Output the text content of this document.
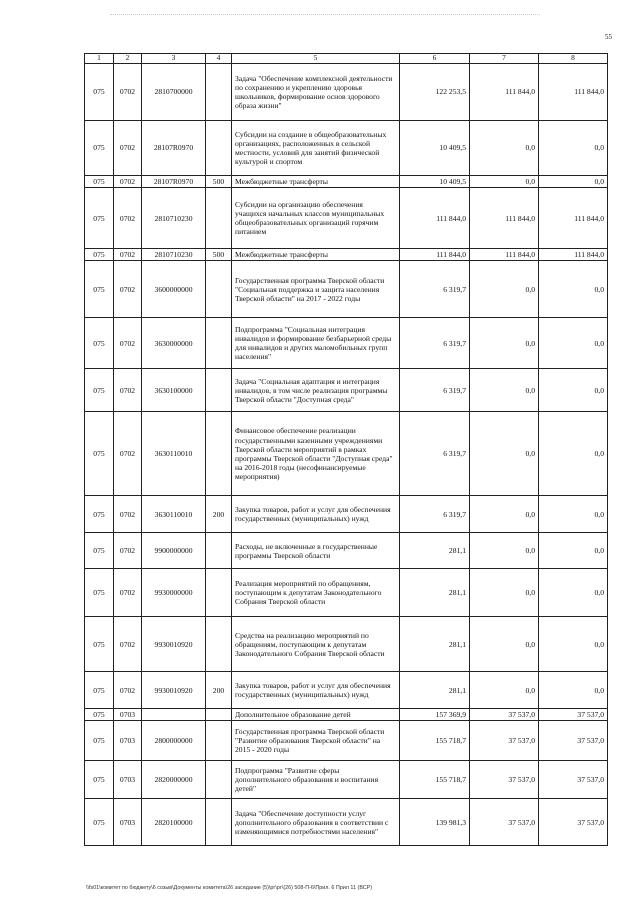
55
1	2	3	4	5	6	7	8
075	0702	2810700000		Задача "Обеспечение комплексной деятельности по сохранению и укреплению здоровья школьников, формирование основ здорового образа жизни"	122 253,5	111 844,0	111 844,0
075	0702	28107R0970		Субсидии на создание в общеобразовательных организациях, расположенных в сельской местности, условий для занятий физической культурой и спортом	10 409,5	0,0	0,0
075	0702	28107R0970	500	Межбюджетные трансферты	10 409,5	0,0	0,0
075	0702	2810710230		Субсидии на организацию обеспечения учащихся начальных классов муниципальных общеобразовательных организаций горячим питанием	111 844,0	111 844,0	111 844,0
075	0702	2810710230	500	Межбюджетные трансферты	111 844,0	111 844,0	111 844,0
075	0702	3600000000		Государственная программа Тверской области "Социальная поддержка и защита населения Тверской области" на 2017 - 2022 годы	6 319,7	0,0	0,0
075	0702	3630000000		Подпрограмма "Социальная интеграция инвалидов и формирование безбарьерной среды для инвалидов и других маломобильных групп населения"	6 319,7	0,0	0,0
075	0702	3630100000		Задача "Социальная адаптация и интеграция инвалидов, в том числе реализация программы Тверской области "Доступная среда"	6 319,7	0,0	0,0
075	0702	3630110010		Финансовое обеспечение реализации государственными казенными учреждениями Тверской области мероприятий в рамках программы Тверской области "Доступная среда" на 2016-2018 годы (несофинансируемые мероприятия)	6 319,7	0,0	0,0
075	0702	3630110010	200	Закупка товаров, работ и услуг для обеспечения государственных (муниципальных) нужд	6 319,7	0,0	0,0
075	0702	9900000000		Расходы, не включенные в государственные программы Тверской области	281,1	0,0	0,0
075	0702	9930000000		Реализация мероприятий по обращениям, поступающим к депутатам Законодательного Собрания Тверской области	281,1	0,0	0,0
075	0702	9930010920		Средства на реализацию мероприятий по обращениям, поступающим к депутатам Законодательного Собрания Тверской области	281,1	0,0	0,0
075	0702	9930010920	200	Закупка товаров, работ и услуг для обеспечения государственных (муниципальных) нужд	281,1	0,0	0,0
075	0703			Дополнительное образование детей	157 369,9	37 537,0	37 537,0
075	0703	2800000000		Государственная программа Тверской области "Развитие образования Тверской области" на 2015 - 2020 годы	155 718,7	37 537,0	37 537,0
075	0703	2820000000		Подпрограмма "Развитие сферы дополнительного образования и воспитания детей"	155 718,7	37 537,0	37 537,0
075	0703	2820100000		Задача "Обеспечение доступности услуг дополнительного образования в соответствии с изменяющимися потребностями населения"	139 981,3	37 537,0	37 537,0
\\fs01\комитет по бюджету\6 созыв\Документы комитета\26 заседание (5)\рг\рг\(26) 508-П-6\Прил. 6 Прил 11 (ВСР)
